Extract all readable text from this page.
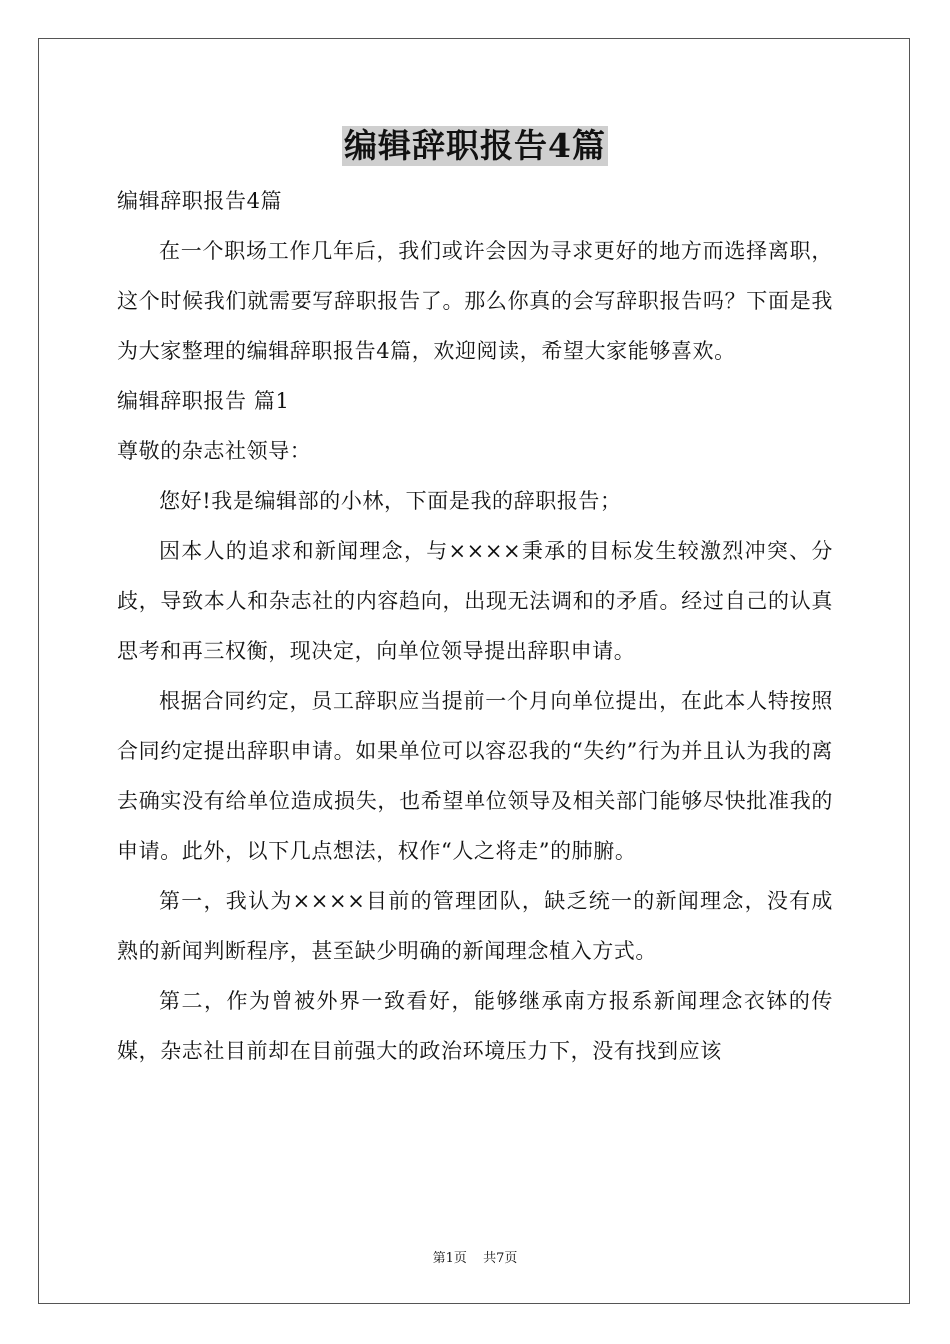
编辑辞职报告4篇

编辑辞职报告4篇

在一个职场工作几年后，我们或许会因为寻求更好的地方而选择离职，这个时候我们就需要写辞职报告了。那么你真的会写辞职报告吗？下面是我为大家整理的编辑辞职报告4篇，欢迎阅读，希望大家能够喜欢。

编辑辞职报告 篇1

尊敬的杂志社领导：

您好!我是编辑部的小林，下面是我的辞职报告；

因本人的追求和新闻理念，与××××秉承的目标发生较激烈冲突、分歧，导致本人和杂志社的内容趋向，出现无法调和的矛盾。经过自己的认真思考和再三权衡，现决定，向单位领导提出辞职申请。

根据合同约定，员工辞职应当提前一个月向单位提出，在此本人特按照合同约定提出辞职申请。如果单位可以容忍我的“失约”行为并且认为我的离去确实没有给单位造成损失，也希望单位领导及相关部门能够尽快批准我的申请。此外，以下几点想法，权作“人之将走”的肺腑。

第一，我认为××××目前的管理团队，缺乏统一的新闻理念，没有成熟的新闻判断程序，甚至缺少明确的新闻理念植入方式。

第二，作为曾被外界一致看好，能够继承南方报系新闻理念衣钵的传媒，杂志社目前却在目前强大的政治环境压力下，没有找到应该

第1页 共7页
